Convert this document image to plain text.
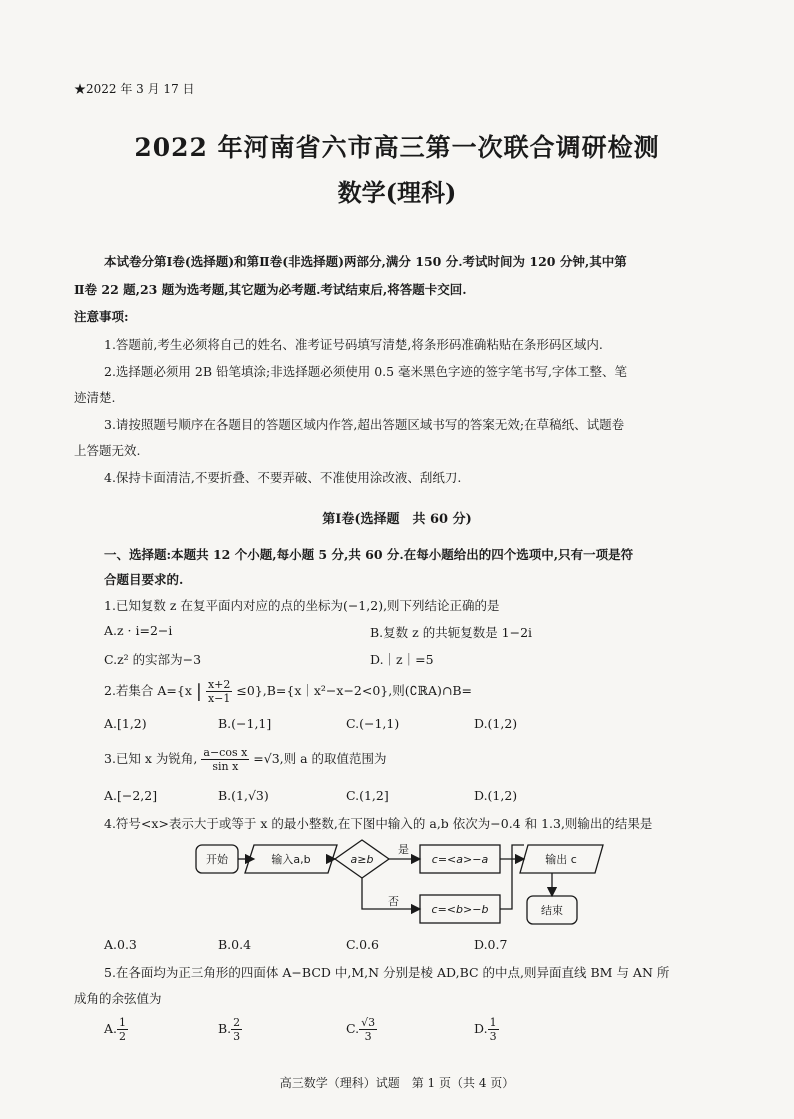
★2022 年 3 月 17 日
2022 年河南省六市高三第一次联合调研检测
数学(理科)
本试卷分第Ⅰ卷(选择题)和第Ⅱ卷(非选择题)两部分,满分 150 分.考试时间为 120 分钟,其中第
Ⅱ卷 22 题,23 题为选考题,其它题为必考题.考试结束后,将答题卡交回.
注意事项:
1.答题前,考生必须将自己的姓名、准考证号码填写清楚,将条形码准确粘贴在条形码区域内.
2.选择题必须用 2B 铅笔填涂;非选择题必须使用 0.5 毫米黑色字迹的签字笔书写,字体工整、笔
迹清楚.
3.请按照题号顺序在各题目的答题区域内作答,超出答题区域书写的答案无效;在草稿纸、试题卷
上答题无效.
4.保持卡面清洁,不要折叠、不要弄破、不准使用涂改液、刮纸刀.
第Ⅰ卷(选择题　共 60 分)
一、选择题:本题共 12 个小题,每小题 5 分,共 60 分.在每小题给出的四个选项中,只有一项是符
合题目要求的.
1.已知复数 z 在复平面内对应的点的坐标为(−1,2),则下列结论正确的是
A.z · i=2−i	B.复数 z 的共轭复数是 1−2i
C.z² 的实部为−3	D.｜z｜=5
2.若集合 A={x | $\frac{x+2}{x-1}$ ≤0},B={x｜x²−x−2<0},则(∁ℝA)∩B=
A.[1,2)	B.(−1,1]	C.(−1,1)	D.(1,2)
3.已知 x 为锐角, $\frac{\text{a−cos x}}{\text{sin x}} =√3$,则 a 的取值范围为
A.[−2,2]	B.(1,√3)	C.(1,2]	D.(1,2)
4.符号<x>表示大于或等于 x 的最小整数,在下图中输入的 a,b 依次为−0.4 和 1.3,则输出的结果是
开始	输入a,b	a≥b
是
否
c=<a>−a
c=<b>−b
输出 c
结束
A.0.3	B.0.4	C.0.6	D.0.7
5.在各面均为正三角形的四面体 A−BCD 中,M,N 分别是棱 AD,BC 的中点,则异面直线 BM 与 AN 所
成角的余弦值为
A. $\frac{1}{2}$	B. $\frac{2}{3}$	C. $\frac{√3}{3}$	D. $\frac{1}{3}$
高三数学（理科）试题　第 1 页（共 4 页）
